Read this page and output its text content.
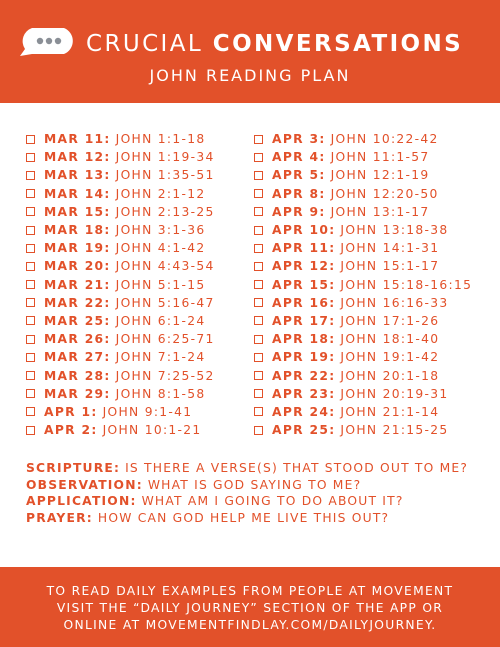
CRUCIAL CONVERSATIONS
JOHN READING PLAN
MAR 11: JOHN 1:1-18
MAR 12: JOHN 1:19-34
MAR 13: JOHN 1:35-51
MAR 14: JOHN 2:1-12
MAR 15: JOHN 2:13-25
MAR 18: JOHN 3:1-36
MAR 19: JOHN 4:1-42
MAR 20: JOHN 4:43-54
MAR 21: JOHN 5:1-15
MAR 22: JOHN 5:16-47
MAR 25: JOHN 6:1-24
MAR 26: JOHN 6:25-71
MAR 27: JOHN 7:1-24
MAR 28: JOHN 7:25-52
MAR 29: JOHN 8:1-58
APR 1: JOHN 9:1-41
APR 2: JOHN 10:1-21
APR 3: JOHN 10:22-42
APR 4: JOHN 11:1-57
APR 5: JOHN 12:1-19
APR 8: JOHN 12:20-50
APR 9: JOHN 13:1-17
APR 10: JOHN 13:18-38
APR 11: JOHN 14:1-31
APR 12: JOHN 15:1-17
APR 15: JOHN 15:18-16:15
APR 16: JOHN 16:16-33
APR 17: JOHN 17:1-26
APR 18: JOHN 18:1-40
APR 19: JOHN 19:1-42
APR 22: JOHN 20:1-18
APR 23: JOHN 20:19-31
APR 24: JOHN 21:1-14
APR 25: JOHN 21:15-25
SCRIPTURE: IS THERE A VERSE(S) THAT STOOD OUT TO ME?
OBSERVATION: WHAT IS GOD SAYING TO ME?
APPLICATION: WHAT AM I GOING TO DO ABOUT IT?
PRAYER: HOW CAN GOD HELP ME LIVE THIS OUT?
TO READ DAILY EXAMPLES FROM PEOPLE AT MOVEMENT
VISIT THE “DAILY JOURNEY” SECTION OF THE APP OR
ONLINE AT MOVEMENTFINDLAY.COM/DAILYJOURNEY.
